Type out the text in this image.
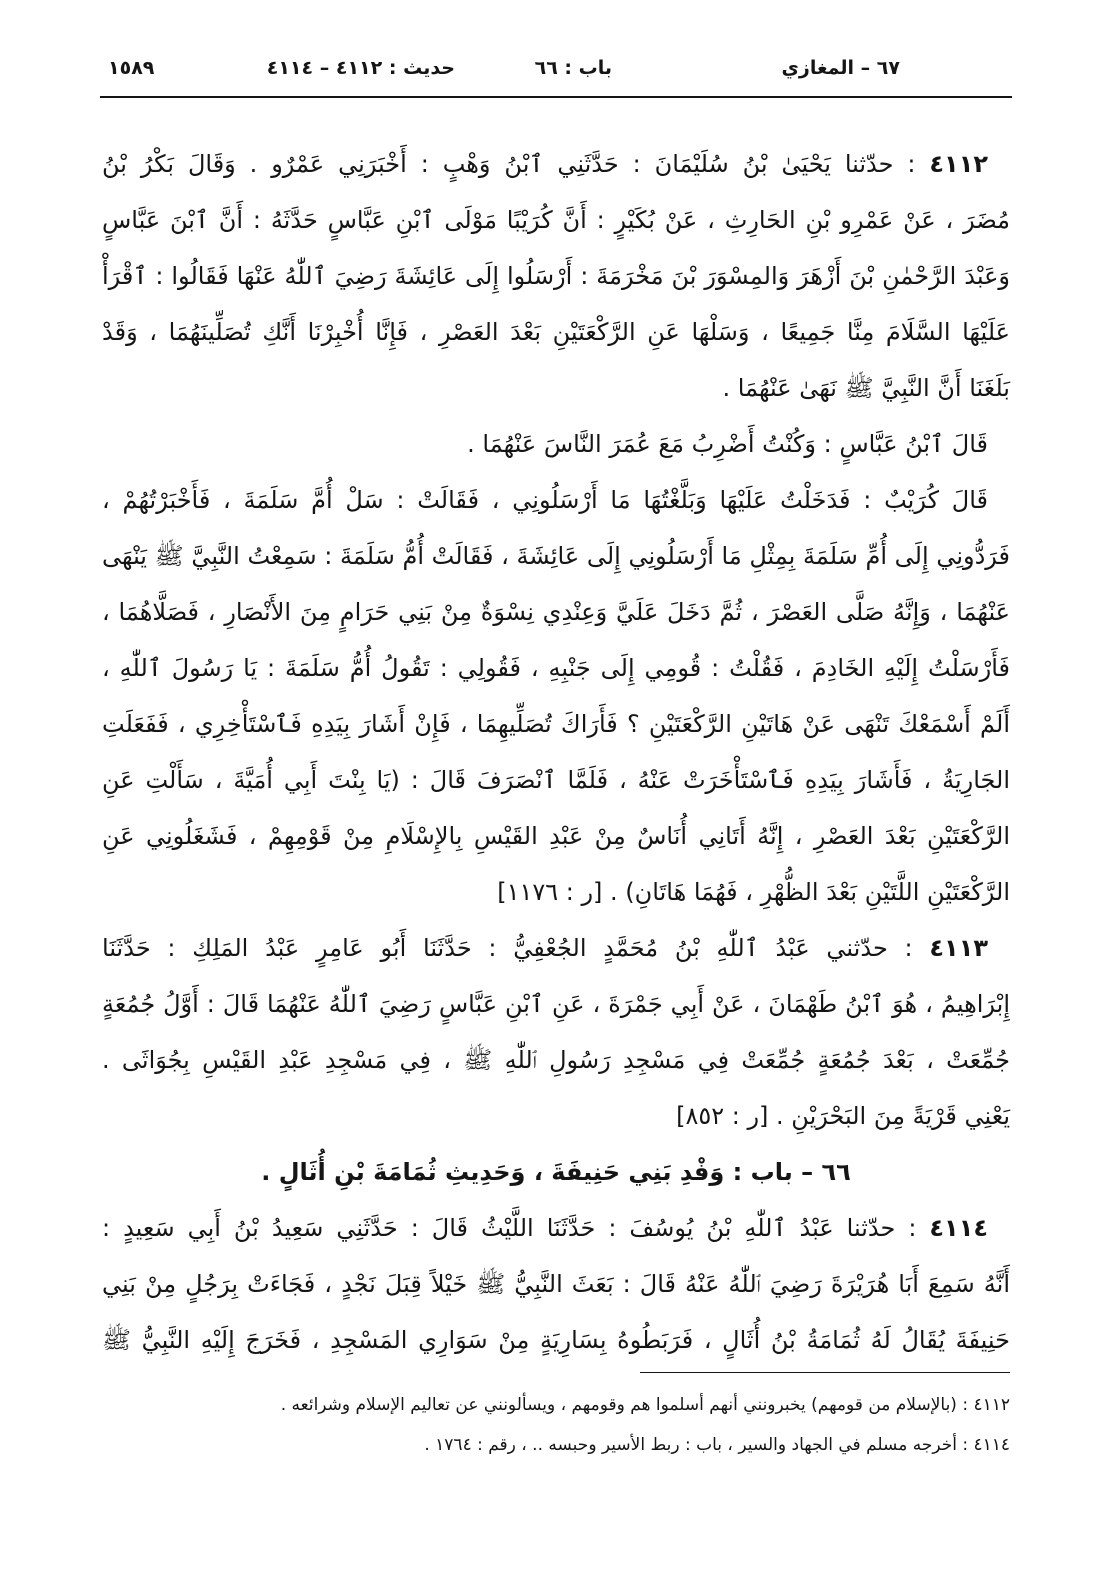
٦٧ – المغازي
باب : ٦٦
حديث : ٤١١٢ – ٤١١٤
١٥٨٩
٤١١٢ : حدّثنا يَحْيَىٰ بْنُ سُلَيْمَانَ : حَدَّثَنِي ٱبْنُ وَهْبٍ : أَخْبَرَنِي عَمْرٌو . وَقَالَ بَكْرُ بْنُ
مُضَرَ ، عَنْ عَمْرِو بْنِ الحَارِثِ ، عَنْ بُكَيْرٍ : أَنَّ كُرَيْبًا مَوْلَى ٱبْنِ عَبَّاسٍ حَدَّثَهُ : أَنَّ ٱبْنَ عَبَّاسٍ
وَعَبْدَ الرَّحْمٰنِ بْنَ أَزْهَرَ وَالمِسْوَرَ بْنَ مَخْرَمَةَ : أَرْسَلُوا إِلَى عَائِشَةَ رَضِيَ ٱللّٰهُ عَنْهَا فَقَالُوا : ٱقْرَأْ
عَلَيْهَا السَّلَامَ مِنَّا جَمِيعًا ، وَسَلْهَا عَنِ الرَّكْعَتَيْنِ بَعْدَ العَصْرِ ، فَإِنَّا أُخْبِرْنَا أَنَّكِ تُصَلِّينَهُمَا ، وَقَدْ
بَلَغَنَا أَنَّ النَّبِيَّ ﷺ نَهَىٰ عَنْهُمَا .
قَالَ ٱبْنُ عَبَّاسٍ : وَكُنْتُ أَضْرِبُ مَعَ عُمَرَ النَّاسَ عَنْهُمَا .
قَالَ كُرَيْبٌ : فَدَخَلْتُ عَلَيْهَا وَبَلَّغْتُهَا مَا أَرْسَلُونِي ، فَقَالَتْ : سَلْ أُمَّ سَلَمَةَ ، فَأَخْبَرْتُهُمْ ،
فَرَدُّونِي إِلَى أُمِّ سَلَمَةَ بِمِثْلِ مَا أَرْسَلُونِي إِلَى عَائِشَةَ ، فَقَالَتْ أُمُّ سَلَمَةَ : سَمِعْتُ النَّبِيَّ ﷺ يَنْهَى
عَنْهُمَا ، وَإِنَّهُ صَلَّى العَصْرَ ، ثُمَّ دَخَلَ عَلَيَّ وَعِنْدِي نِسْوَةٌ مِنْ بَنِي حَرَامٍ مِنَ الأَنْصَارِ ، فَصَلَّاهُمَا ،
فَأَرْسَلْتُ إِلَيْهِ الخَادِمَ ، فَقُلْتُ : قُومِي إِلَى جَنْبِهِ ، فَقُولِي : تَقُولُ أُمُّ سَلَمَةَ : يَا رَسُولَ ٱللّٰهِ ،
أَلَمْ أَسْمَعْكَ تَنْهَى عَنْ هَاتَيْنِ الرَّكْعَتَيْنِ ؟ فَأَرَاكَ تُصَلِّيهِمَا ، فَإِنْ أَشَارَ بِيَدِهِ فَٱسْتَأْخِرِي ، فَفَعَلَتِ
الجَارِيَةُ ، فَأَشَارَ بِيَدِهِ فَٱسْتَأْخَرَتْ عَنْهُ ، فَلَمَّا ٱنْصَرَفَ قَالَ : (يَا بِنْتَ أَبِي أُمَيَّةَ ، سَأَلْتِ عَنِ
الرَّكْعَتَيْنِ بَعْدَ العَصْرِ ، إِنَّهُ أَتَانِي أُنَاسٌ مِنْ عَبْدِ القَيْسِ بِالإِسْلَامِ مِنْ قَوْمِهِمْ ، فَشَغَلُونِي عَنِ
الرَّكْعَتَيْنِ اللَّتَيْنِ بَعْدَ الظُّهْرِ ، فَهُمَا هَاتَانِ) . [ر : ١١٧٦]
٤١١٣ : حدّثني عَبْدُ ٱللّٰهِ بْنُ مُحَمَّدٍ الجُعْفِيُّ : حَدَّثَنَا أَبُو عَامِرٍ عَبْدُ المَلِكِ : حَدَّثَنَا
إِبْرَاهِيمُ ، هُوَ ٱبْنُ طَهْمَانَ ، عَنْ أَبِي جَمْرَةَ ، عَنِ ٱبْنِ عَبَّاسٍ رَضِيَ ٱللّٰهُ عَنْهُمَا قَالَ : أَوَّلُ جُمُعَةٍ
جُمِّعَتْ ، بَعْدَ جُمُعَةٍ جُمِّعَتْ فِي مَسْجِدِ رَسُولِ ٱللّٰهِ ﷺ ، فِي مَسْجِدِ عَبْدِ القَيْسِ بِجُوَاثَى .
يَعْنِي قَرْيَةً مِنَ البَحْرَيْنِ . [ر : ٨٥٢]
٦٦ – باب : وَفْدِ بَنِي حَنِيفَةَ ، وَحَدِيثِ ثُمَامَةَ بْنِ أُثَالٍ .
٤١١٤ : حدّثنا عَبْدُ ٱللّٰهِ بْنُ يُوسُفَ : حَدَّثَنَا اللَّيْثُ قَالَ : حَدَّثَنِي سَعِيدُ بْنُ أَبِي سَعِيدٍ :
أَنَّهُ سَمِعَ أَبَا هُرَيْرَةَ رَضِيَ ٱللّٰهُ عَنْهُ قَالَ : بَعَثَ النَّبِيُّ ﷺ خَيْلاً قِبَلَ نَجْدٍ ، فَجَاءَتْ بِرَجُلٍ مِنْ بَنِي
حَنِيفَةَ يُقَالُ لَهُ ثُمَامَةُ بْنُ أُثَالٍ ، فَرَبَطُوهُ بِسَارِيَةٍ مِنْ سَوَارِي المَسْجِدِ ، فَخَرَجَ إِلَيْهِ النَّبِيُّ ﷺ
٤١١٢ : (بالإسلام من قومهم) يخبرونني أنهم أسلموا هم وقومهم ، ويسألونني عن تعاليم الإسلام وشرائعه .
٤١١٤ : أخرجه مسلم في الجهاد والسير ، باب : ربط الأسير وحبسه .. ، رقم : ١٧٦٤ .
